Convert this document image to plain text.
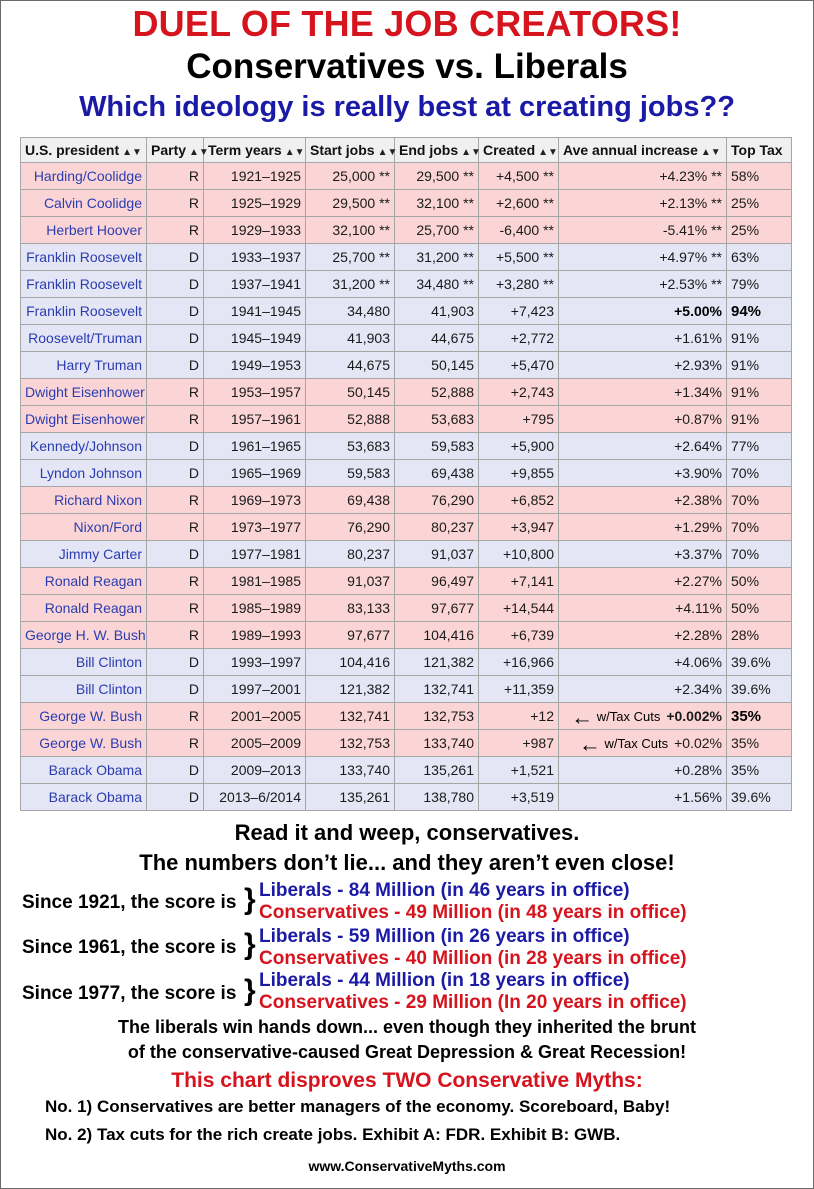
DUEL OF THE JOB CREATORS!
Conservatives vs. Liberals
Which ideology is really best at creating jobs??
U.S. president ▲▼	Party ▲▼	Term years ▲▼	Start jobs ▲▼	End jobs ▲▼	Created ▲▼	Ave annual increase ▲▼	Top Tax
Harding/Coolidge	R	1921–1925	25,000 **	29,500 **	+4,500 **	+4.23% **	58%
Calvin Coolidge	R	1925–1929	29,500 **	32,100 **	+2,600 **	+2.13% **	25%
Herbert Hoover	R	1929–1933	32,100 **	25,700 **	-6,400 **	-5.41% **	25%
Franklin Roosevelt	D	1933–1937	25,700 **	31,200 **	+5,500 **	+4.97% **	63%
Franklin Roosevelt	D	1937–1941	31,200 **	34,480 **	+3,280 **	+2.53% **	79%
Franklin Roosevelt	D	1941–1945	34,480	41,903	+7,423	+5.00%	94%
Roosevelt/Truman	D	1945–1949	41,903	44,675	+2,772	+1.61%	91%
Harry Truman	D	1949–1953	44,675	50,145	+5,470	+2.93%	91%
Dwight Eisenhower	R	1953–1957	50,145	52,888	+2,743	+1.34%	91%
Dwight Eisenhower	R	1957–1961	52,888	53,683	+795	+0.87%	91%
Kennedy/Johnson	D	1961–1965	53,683	59,583	+5,900	+2.64%	77%
Lyndon Johnson	D	1965–1969	59,583	69,438	+9,855	+3.90%	70%
Richard Nixon	R	1969–1973	69,438	76,290	+6,852	+2.38%	70%
Nixon/Ford	R	1973–1977	76,290	80,237	+3,947	+1.29%	70%
Jimmy Carter	D	1977–1981	80,237	91,037	+10,800	+3.37%	70%
Ronald Reagan	R	1981–1985	91,037	96,497	+7,141	+2.27%	50%
Ronald Reagan	R	1985–1989	83,133	97,677	+14,544	+4.11%	50%
George H. W. Bush	R	1989–1993	97,677	104,416	+6,739	+2.28%	28%
Bill Clinton	D	1993–1997	104,416	121,382	+16,966	+4.06%	39.6%
Bill Clinton	D	1997–2001	121,382	132,741	+11,359	+2.34%	39.6%
George W. Bush	R	2001–2005	132,741	132,753	+12	← w/Tax Cuts +0.002%	35%
George W. Bush	R	2005–2009	132,753	133,740	+987	← w/Tax Cuts +0.02%	35%
Barack Obama	D	2009–2013	133,740	135,261	+1,521	+0.28%	35%
Barack Obama	D	2013–6/2014	135,261	138,780	+3,519	+1.56%	39.6%
Read it and weep, conservatives.
The numbers don’t lie... and they aren’t even close!
Since 1921, the score is } Liberals - 84 Million (in 46 years in office)
Conservatives - 49 Million (in 48 years in office)
Since 1961, the score is } Liberals - 59 Million (in 26 years in office)
Conservatives - 40 Million (in 28 years in office)
Since 1977, the score is } Liberals - 44 Million (in 18 years in office)
Conservatives - 29 Million (In 20 years in office)
The liberals win hands down... even though they inherited the brunt
of the conservative-caused Great Depression & Great Recession!
This chart disproves TWO Conservative Myths:
No. 1) Conservatives are better managers of the economy. Scoreboard, Baby!
No. 2) Tax cuts for the rich create jobs. Exhibit A: FDR. Exhibit B: GWB.
www.ConservativeMyths.com
